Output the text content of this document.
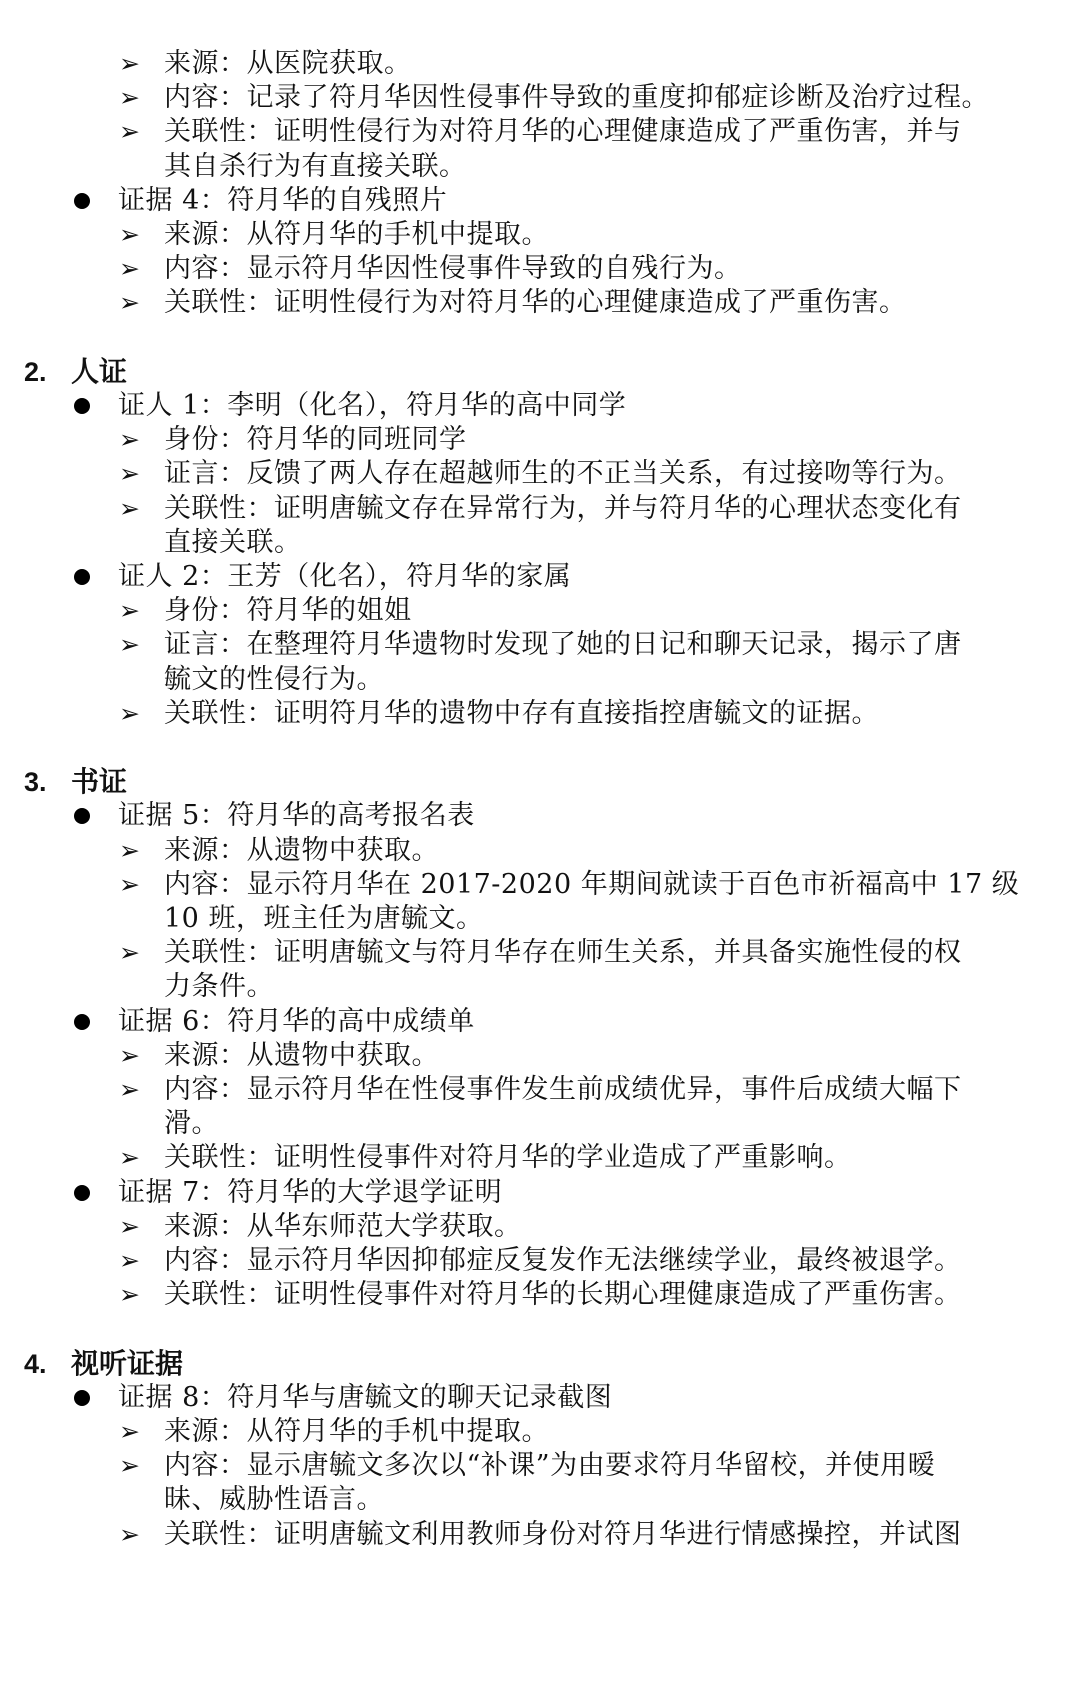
➢ 来源：从医院获取。
➢ 内容：记录了符月华因性侵事件导致的重度抑郁症诊断及治疗过程。
➢ 关联性：证明性侵行为对符月华的心理健康造成了严重伤害，并与
其自杀行为有直接关联。
证据 4：符月华的自残照片
➢ 来源：从符月华的手机中提取。
➢ 内容：显示符月华因性侵事件导致的自残行为。
➢ 关联性：证明性侵行为对符月华的心理健康造成了严重伤害。
2. 人证
证人 1：李明（化名），符月华的高中同学
➢ 身份：符月华的同班同学
➢ 证言：反馈了两人存在超越师生的不正当关系，有过接吻等行为。
➢ 关联性：证明唐毓文存在异常行为，并与符月华的心理状态变化有
直接关联。
证人 2：王芳（化名），符月华的家属
➢ 身份：符月华的姐姐
➢ 证言：在整理符月华遗物时发现了她的日记和聊天记录，揭示了唐
毓文的性侵行为。
➢ 关联性：证明符月华的遗物中存有直接指控唐毓文的证据。
3. 书证
证据 5：符月华的高考报名表
➢ 来源：从遗物中获取。
➢ 内容：显示符月华在 2017-2020 年期间就读于百色市祈福高中 17 级
10 班，班主任为唐毓文。
➢ 关联性：证明唐毓文与符月华存在师生关系，并具备实施性侵的权
力条件。
证据 6：符月华的高中成绩单
➢ 来源：从遗物中获取。
➢ 内容：显示符月华在性侵事件发生前成绩优异，事件后成绩大幅下
滑。
➢ 关联性：证明性侵事件对符月华的学业造成了严重影响。
证据 7：符月华的大学退学证明
➢ 来源：从华东师范大学获取。
➢ 内容：显示符月华因抑郁症反复发作无法继续学业，最终被退学。
➢ 关联性：证明性侵事件对符月华的长期心理健康造成了严重伤害。
4. 视听证据
证据 8：符月华与唐毓文的聊天记录截图
➢ 来源：从符月华的手机中提取。
➢ 内容：显示唐毓文多次以“补课”为由要求符月华留校，并使用暧
昧、威胁性语言。
➢ 关联性：证明唐毓文利用教师身份对符月华进行情感操控，并试图
